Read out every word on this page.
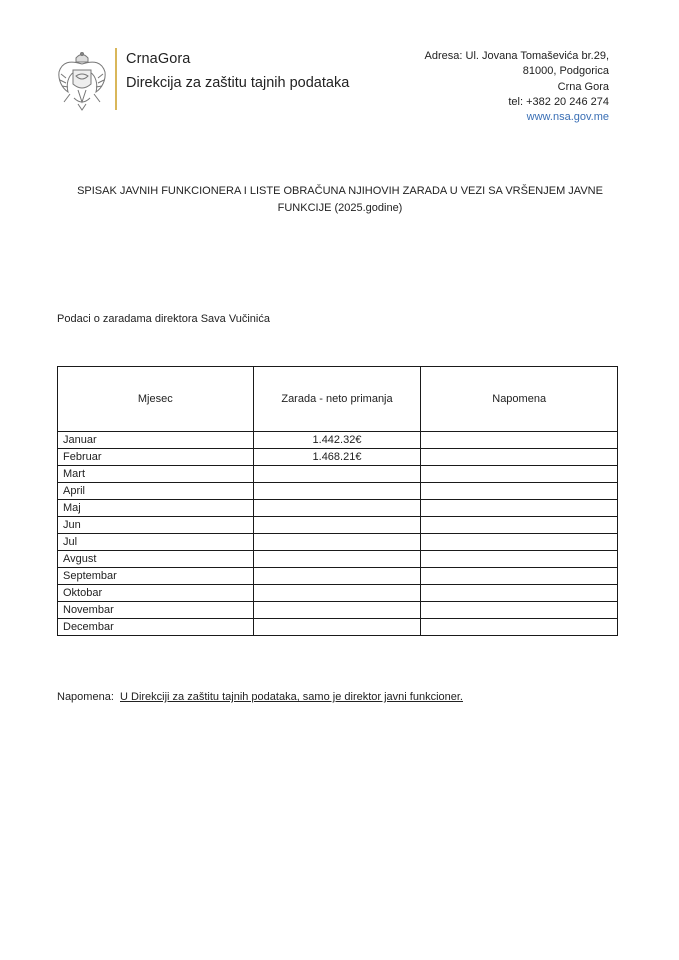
CrnaGora
Direkcija za zaštitu tajnih podataka
Adresa: Ul. Jovana Tomaševića br.29,
81000, Podgorica
Crna Gora
tel: +382 20 246 274
www.nsa.gov.me
SPISAK JAVNIH FUNKCIONERA I LISTE OBRAČUNA NJIHOVIH ZARADA U VEZI SA VRŠENJEM JAVNE
FUNKCIJE (2025.godine)
Podaci o zaradama direktora Sava Vučinića
Mjesec	Zarada - neto primanja	Napomena
Januar	1.442.32€	
Februar	1.468.21€	
Mart		
April		
Maj		
Jun		
Jul		
Avgust		
Septembar		
Oktobar		
Novembar		
Decembar		
Napomena: U Direkciji za zaštitu tajnih podataka, samo je direktor javni funkcioner.
